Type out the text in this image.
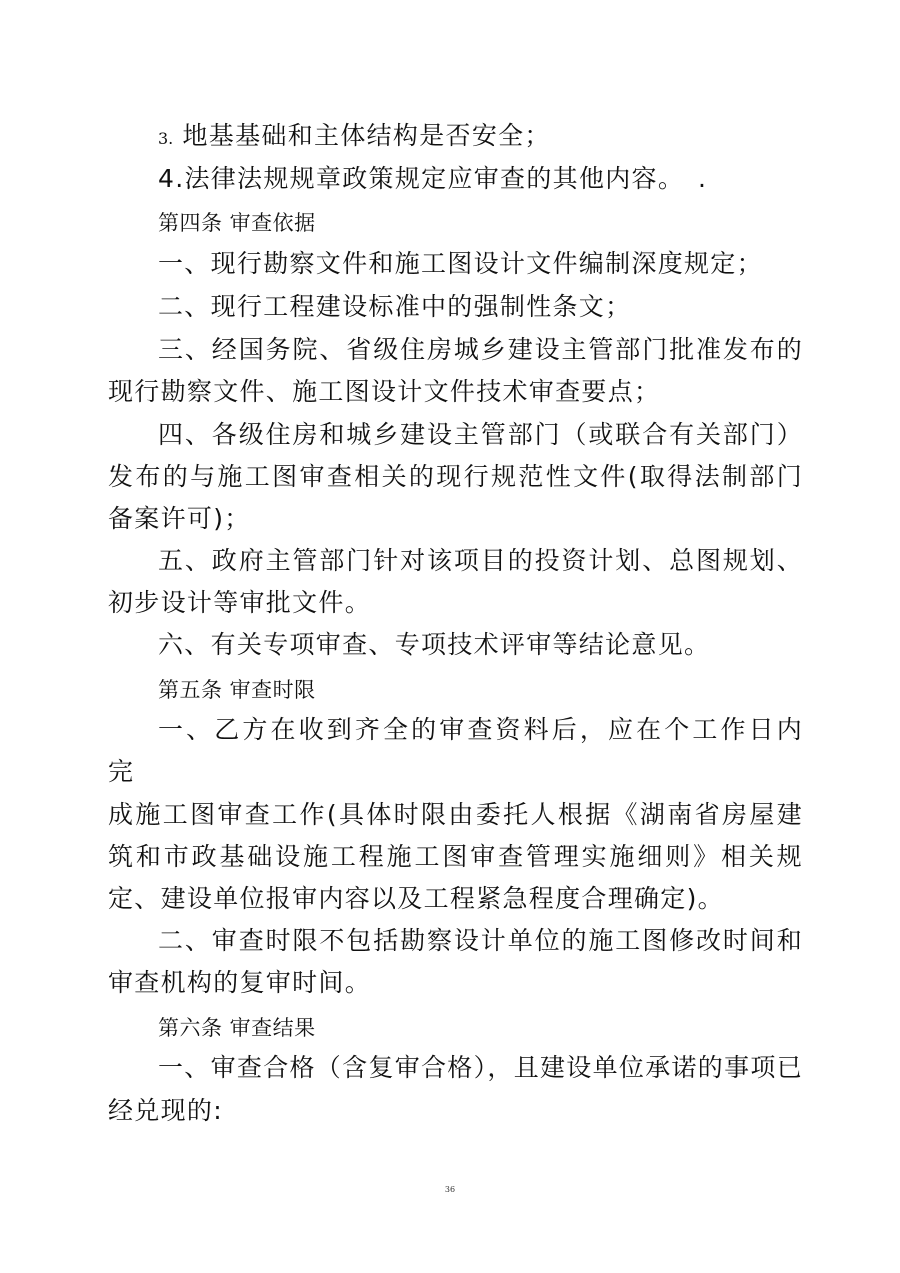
3. 地基基础和主体结构是否安全；
4.法律法规规章政策规定应审查的其他内容。　.
第四条 审查依据
一、现行勘察文件和施工图设计文件编制深度规定；
二、现行工程建设标准中的强制性条文；
三、经国务院、省级住房城乡建设主管部门批准发布的
现行勘察文件、施工图设计文件技术审查要点；
四、各级住房和城乡建设主管部门（或联合有关部门）
发布的与施工图审查相关的现行规范性文件(取得法制部门
备案许可)；
五、政府主管部门针对该项目的投资计划、总图规划、
初步设计等审批文件。
六、有关专项审查、专项技术评审等结论意见。
第五条 审查时限
一、乙方在收到齐全的审查资料后，应在个工作日内
完
成施工图审查工作(具体时限由委托人根据《湖南省房屋建
筑和市政基础设施工程施工图审查管理实施细则》相关规
定、建设单位报审内容以及工程紧急程度合理确定)。
二、审查时限不包括勘察设计单位的施工图修改时间和
审查机构的复审时间。
第六条 审查结果
一、审查合格（含复审合格），且建设单位承诺的事项已
经兑现的:
36
